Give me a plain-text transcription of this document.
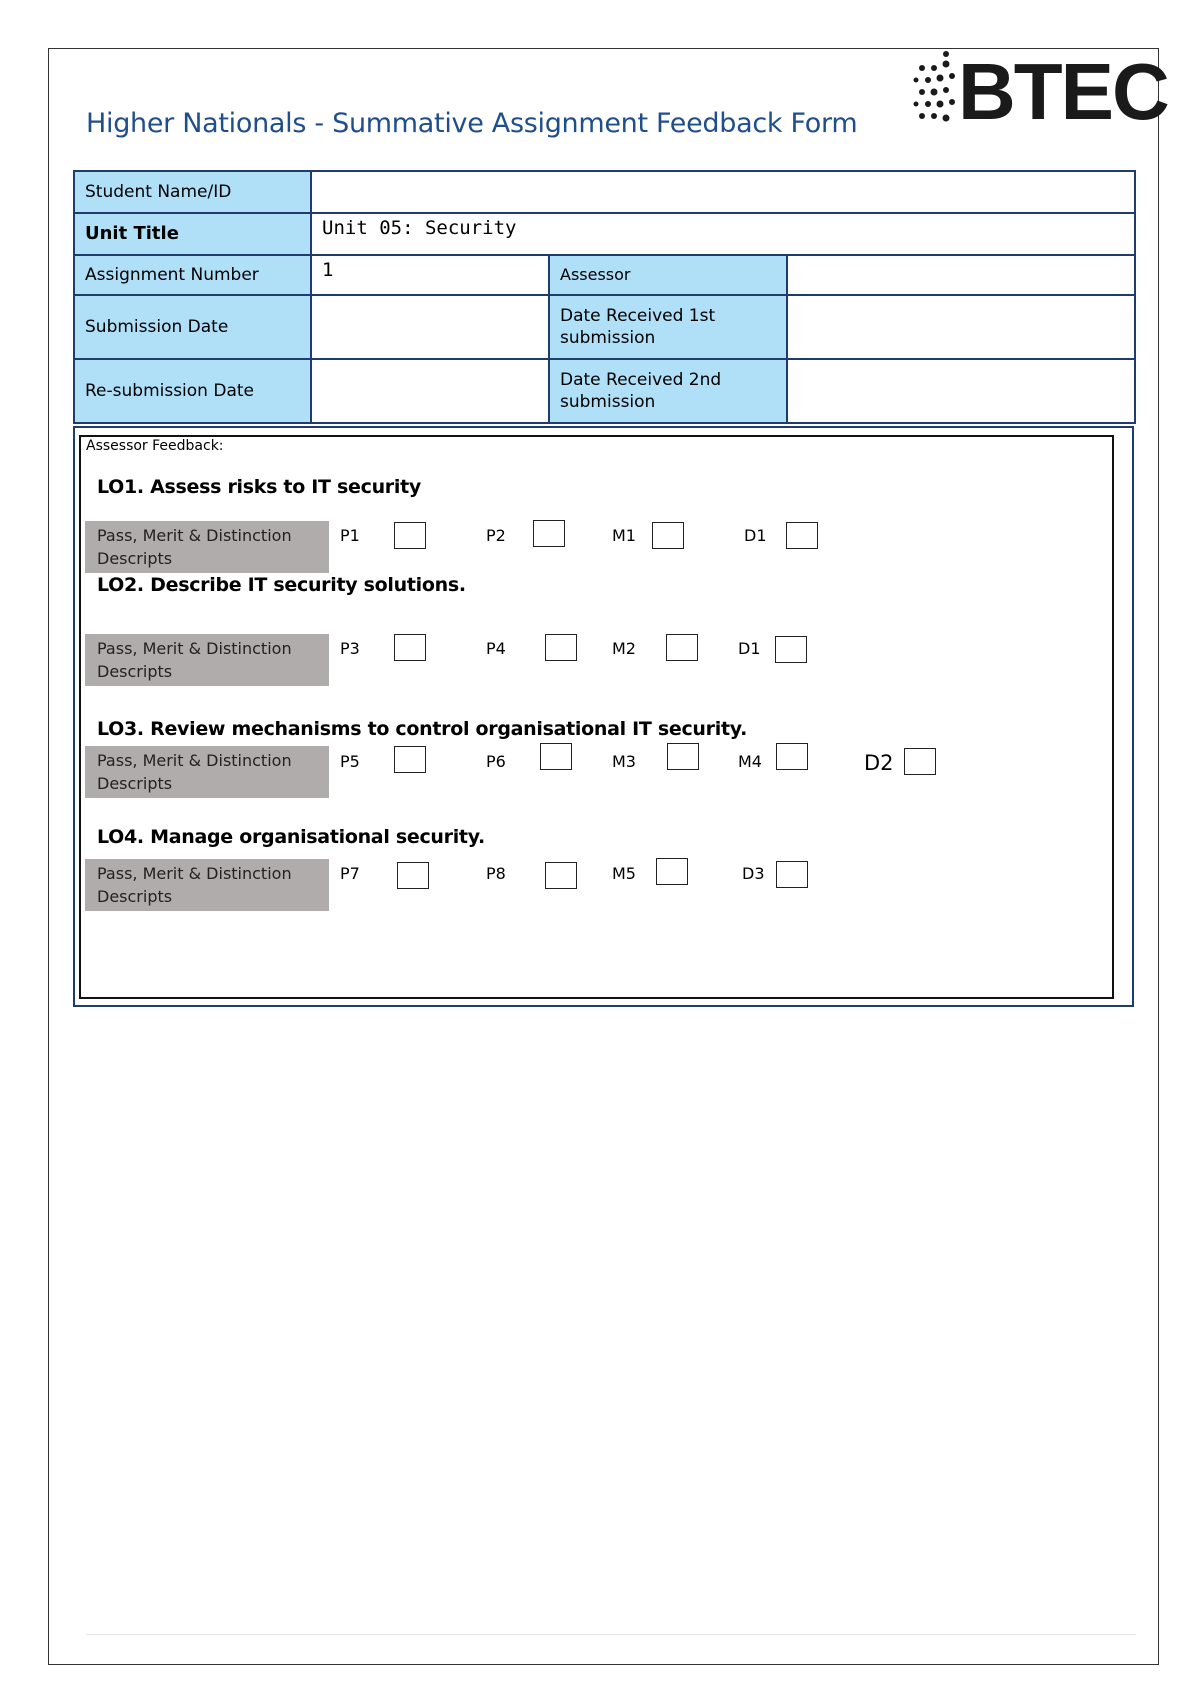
Higher Nationals - Summative Assignment Feedback Form BTEC
Student Name/ID			
Unit Title	Unit 05: Security		
Assignment Number	1	Assessor	
Submission Date		Date Received 1st submission	
Re-submission Date		Date Received 2nd submission	
Assessor Feedback:
LO1. Assess risks to IT security
Pass, Merit & Distinction Descripts
P1	P2	M1	D1
LO2. Describe IT security solutions.
Pass, Merit & Distinction Descripts
P3	P4	M2	D1
LO3. Review mechanisms to control organisational IT security.
Pass, Merit & Distinction Descripts
P5	P6	M3	M4	D2
LO4. Manage organisational security.
Pass, Merit & Distinction Descripts
P7	P8	M5	D3
